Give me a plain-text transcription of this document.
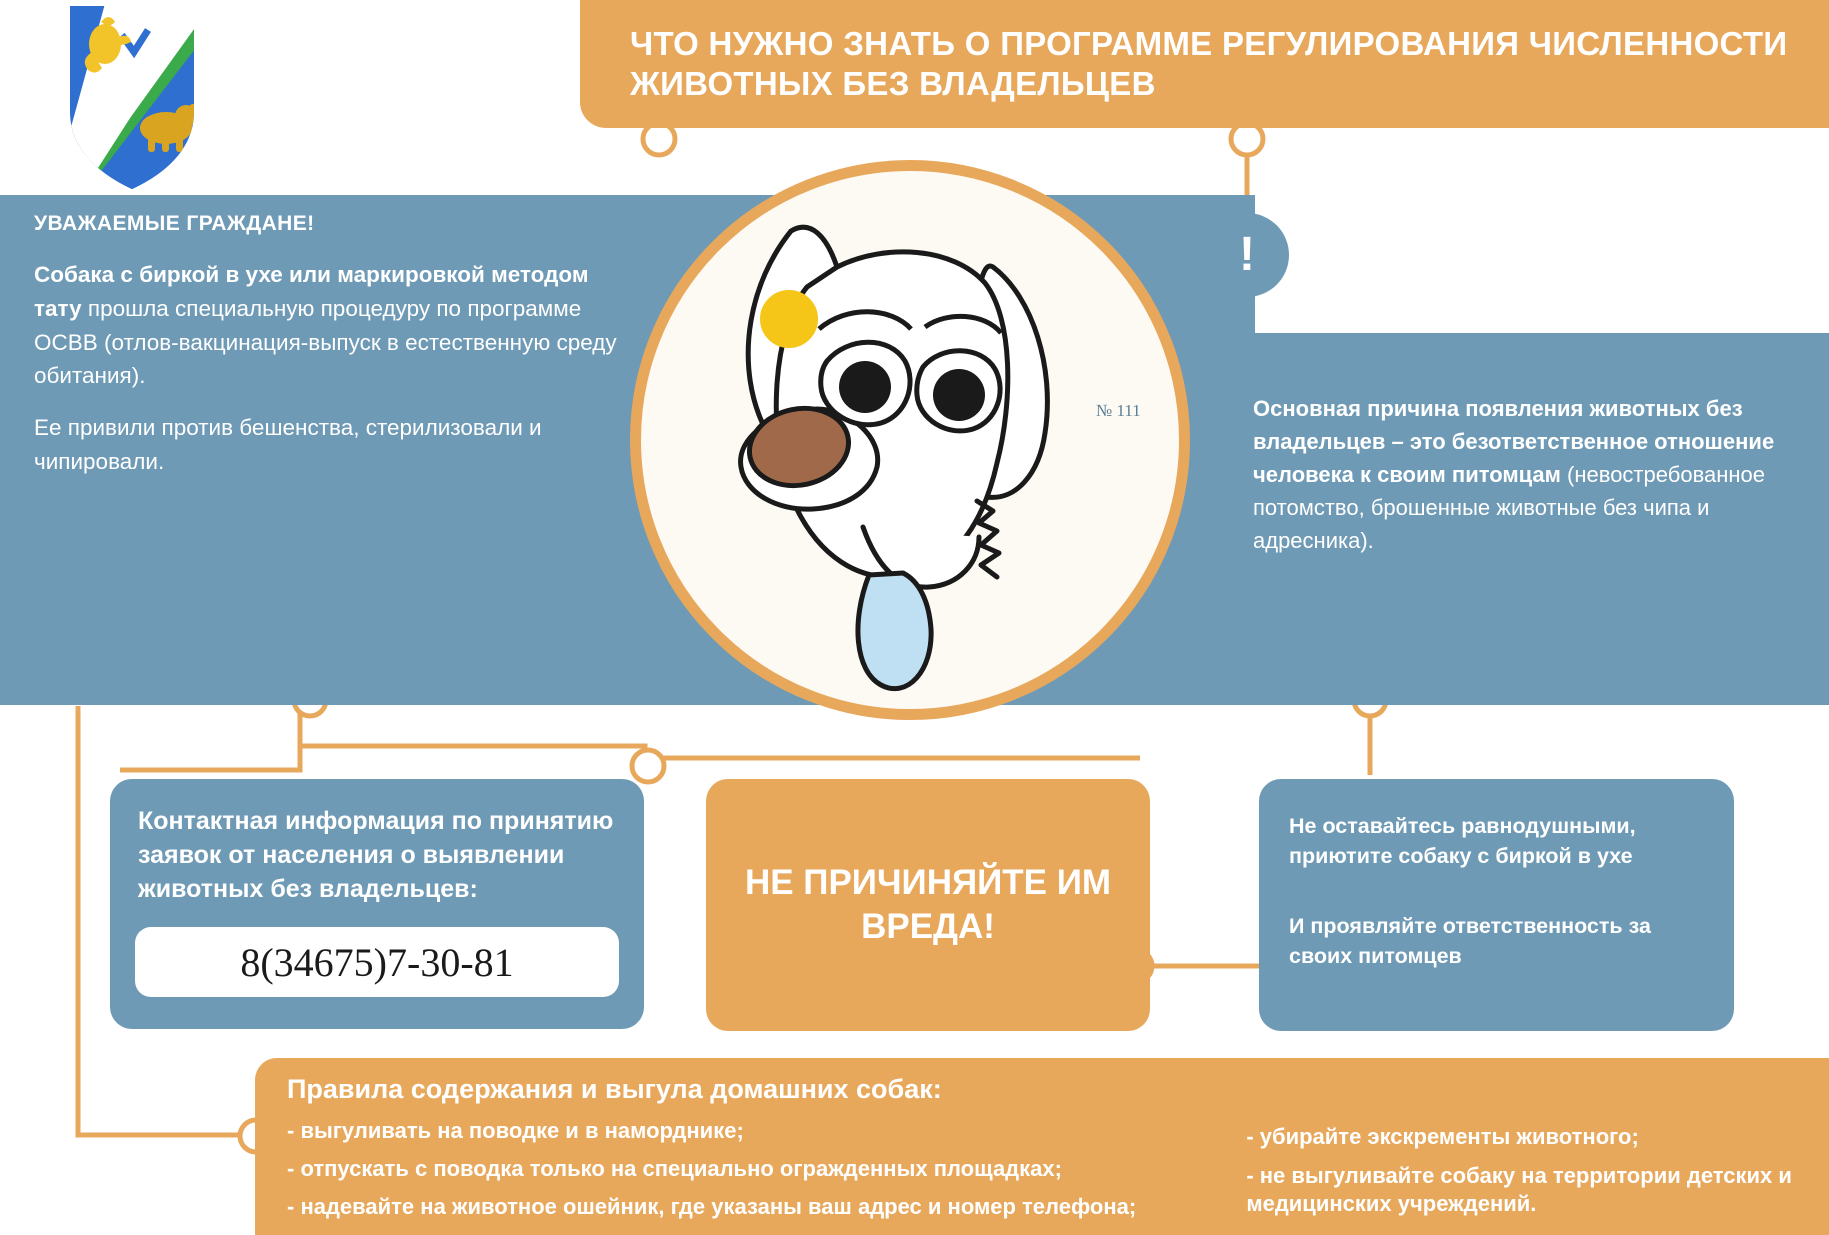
ЧТО НУЖНО ЗНАТЬ О ПРОГРАММЕ РЕГУЛИРОВАНИЯ ЧИСЛЕННОСТИ ЖИВОТНЫХ БЕЗ ВЛАДЕЛЬЦЕВ
УВАЖАЕМЫЕ ГРАЖДАНЕ!

Собака с биркой в ухе или маркировкой методом тату прошла специальную процедуру по программе ОСВВ (отлов-вакцинация-выпуск в естественную среду обитания).

Ее привили против бешенства, стерилизовали и чипировали.

!
№ 111	Основная причина появления животных без владельцев – это безответственное отношение человека к своим питомцам (невостребованное потомство, брошенные животные без чипа и адресника).
Контактная информация по принятию заявок от населения о выявлении животных без владельцев:
8(34675)7-30-81
НЕ ПРИЧИНЯЙТЕ ИМ ВРЕДА!

Не оставайтесь равнодушными, приютите собаку с биркой в ухе

И проявляйте ответственность за своих питомцев

Правила содержания и выгула домашних собак:
- выгуливать на поводке и в наморднике;
- отпускать с поводка только на специально огражденных площадках;
- надевайте на животное ошейник, где указаны ваш адрес и номер телефона;
- убирайте экскременты животного;
- не выгуливайте собаку на территории детских и медицинских учреждений.
